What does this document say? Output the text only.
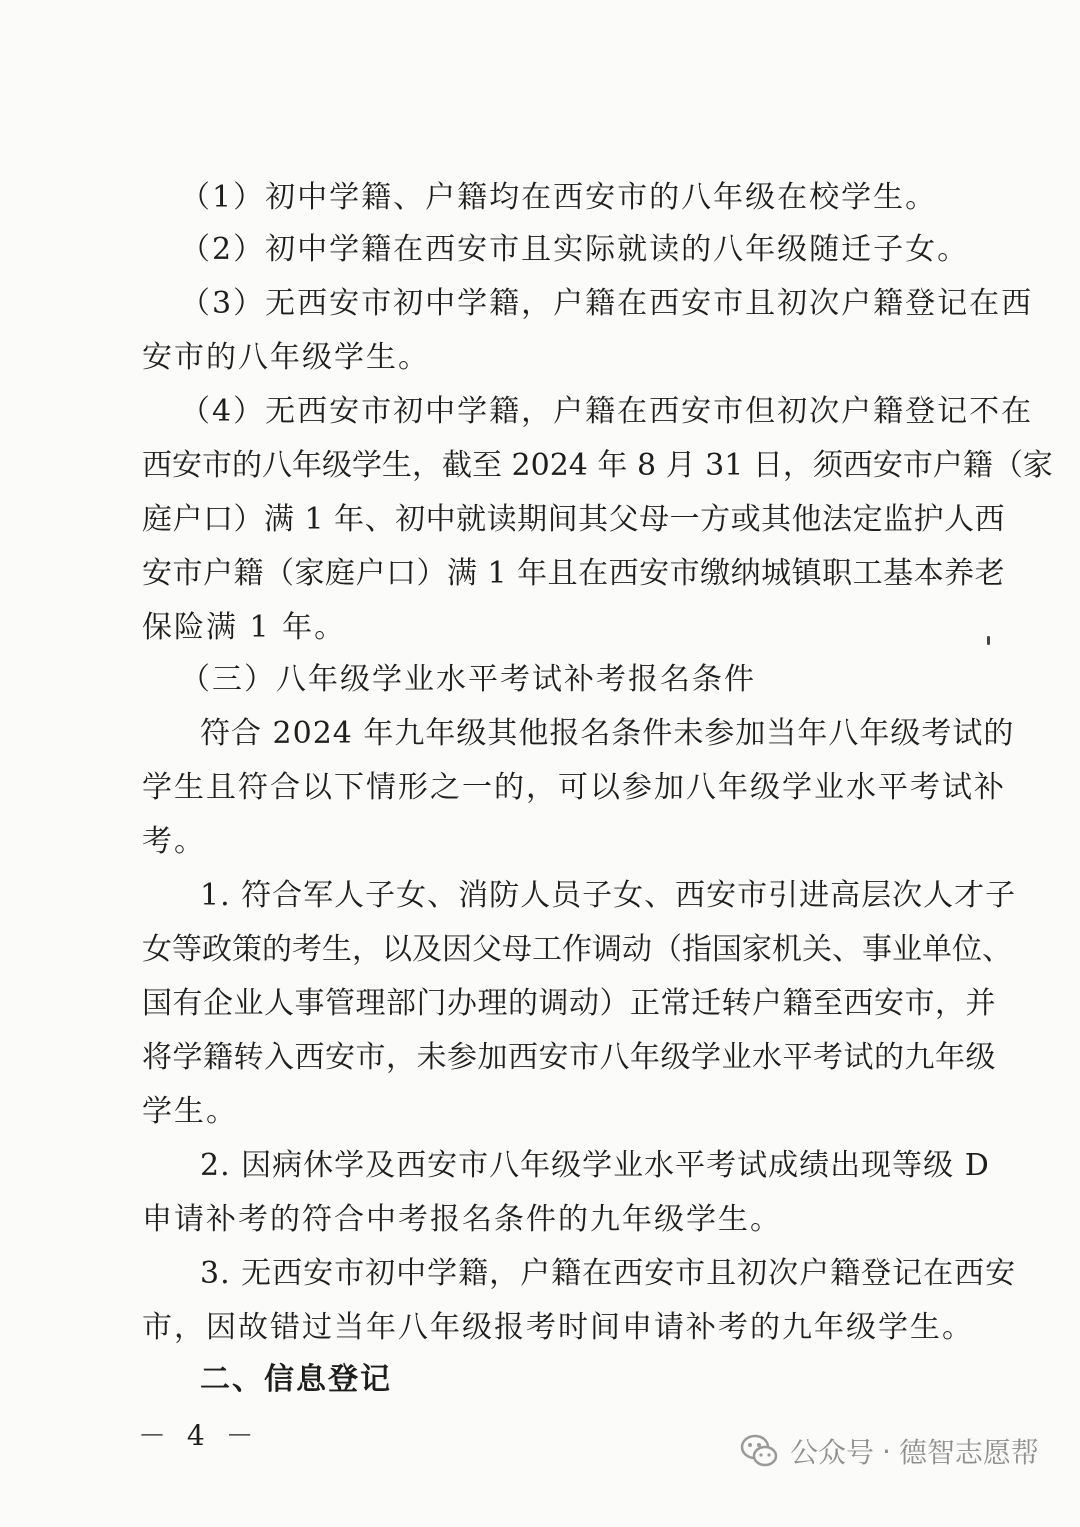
（1）初中学籍、户籍均在西安市的八年级在校学生。
（2）初中学籍在西安市且实际就读的八年级随迁子女。
（3）无西安市初中学籍，户籍在西安市且初次户籍登记在西
安市的八年级学生。
（4）无西安市初中学籍，户籍在西安市但初次户籍登记不在
西安市的八年级学生，截至 2024 年 8 月 31 日，须西安市户籍（家
庭户口）满 1 年、初中就读期间其父母一方或其他法定监护人西
安市户籍（家庭户口）满 1 年且在西安市缴纳城镇职工基本养老
保险满 1 年。
（三）八年级学业水平考试补考报名条件
符合 2024 年九年级其他报名条件未参加当年八年级考试的
学生且符合以下情形之一的，可以参加八年级学业水平考试补
考。
1. 符合军人子女、消防人员子女、西安市引进高层次人才子
女等政策的考生，以及因父母工作调动（指国家机关、事业单位、
国有企业人事管理部门办理的调动）正常迁转户籍至西安市，并
将学籍转入西安市，未参加西安市八年级学业水平考试的九年级
学生。
2. 因病休学及西安市八年级学业水平考试成绩出现等级 D
申请补考的符合中考报名条件的九年级学生。
3. 无西安市初中学籍，户籍在西安市且初次户籍登记在西安
市，因故错过当年八年级报考时间申请补考的九年级学生。
二、信息登记
－ 4 －
公众号 · 德智志愿帮
